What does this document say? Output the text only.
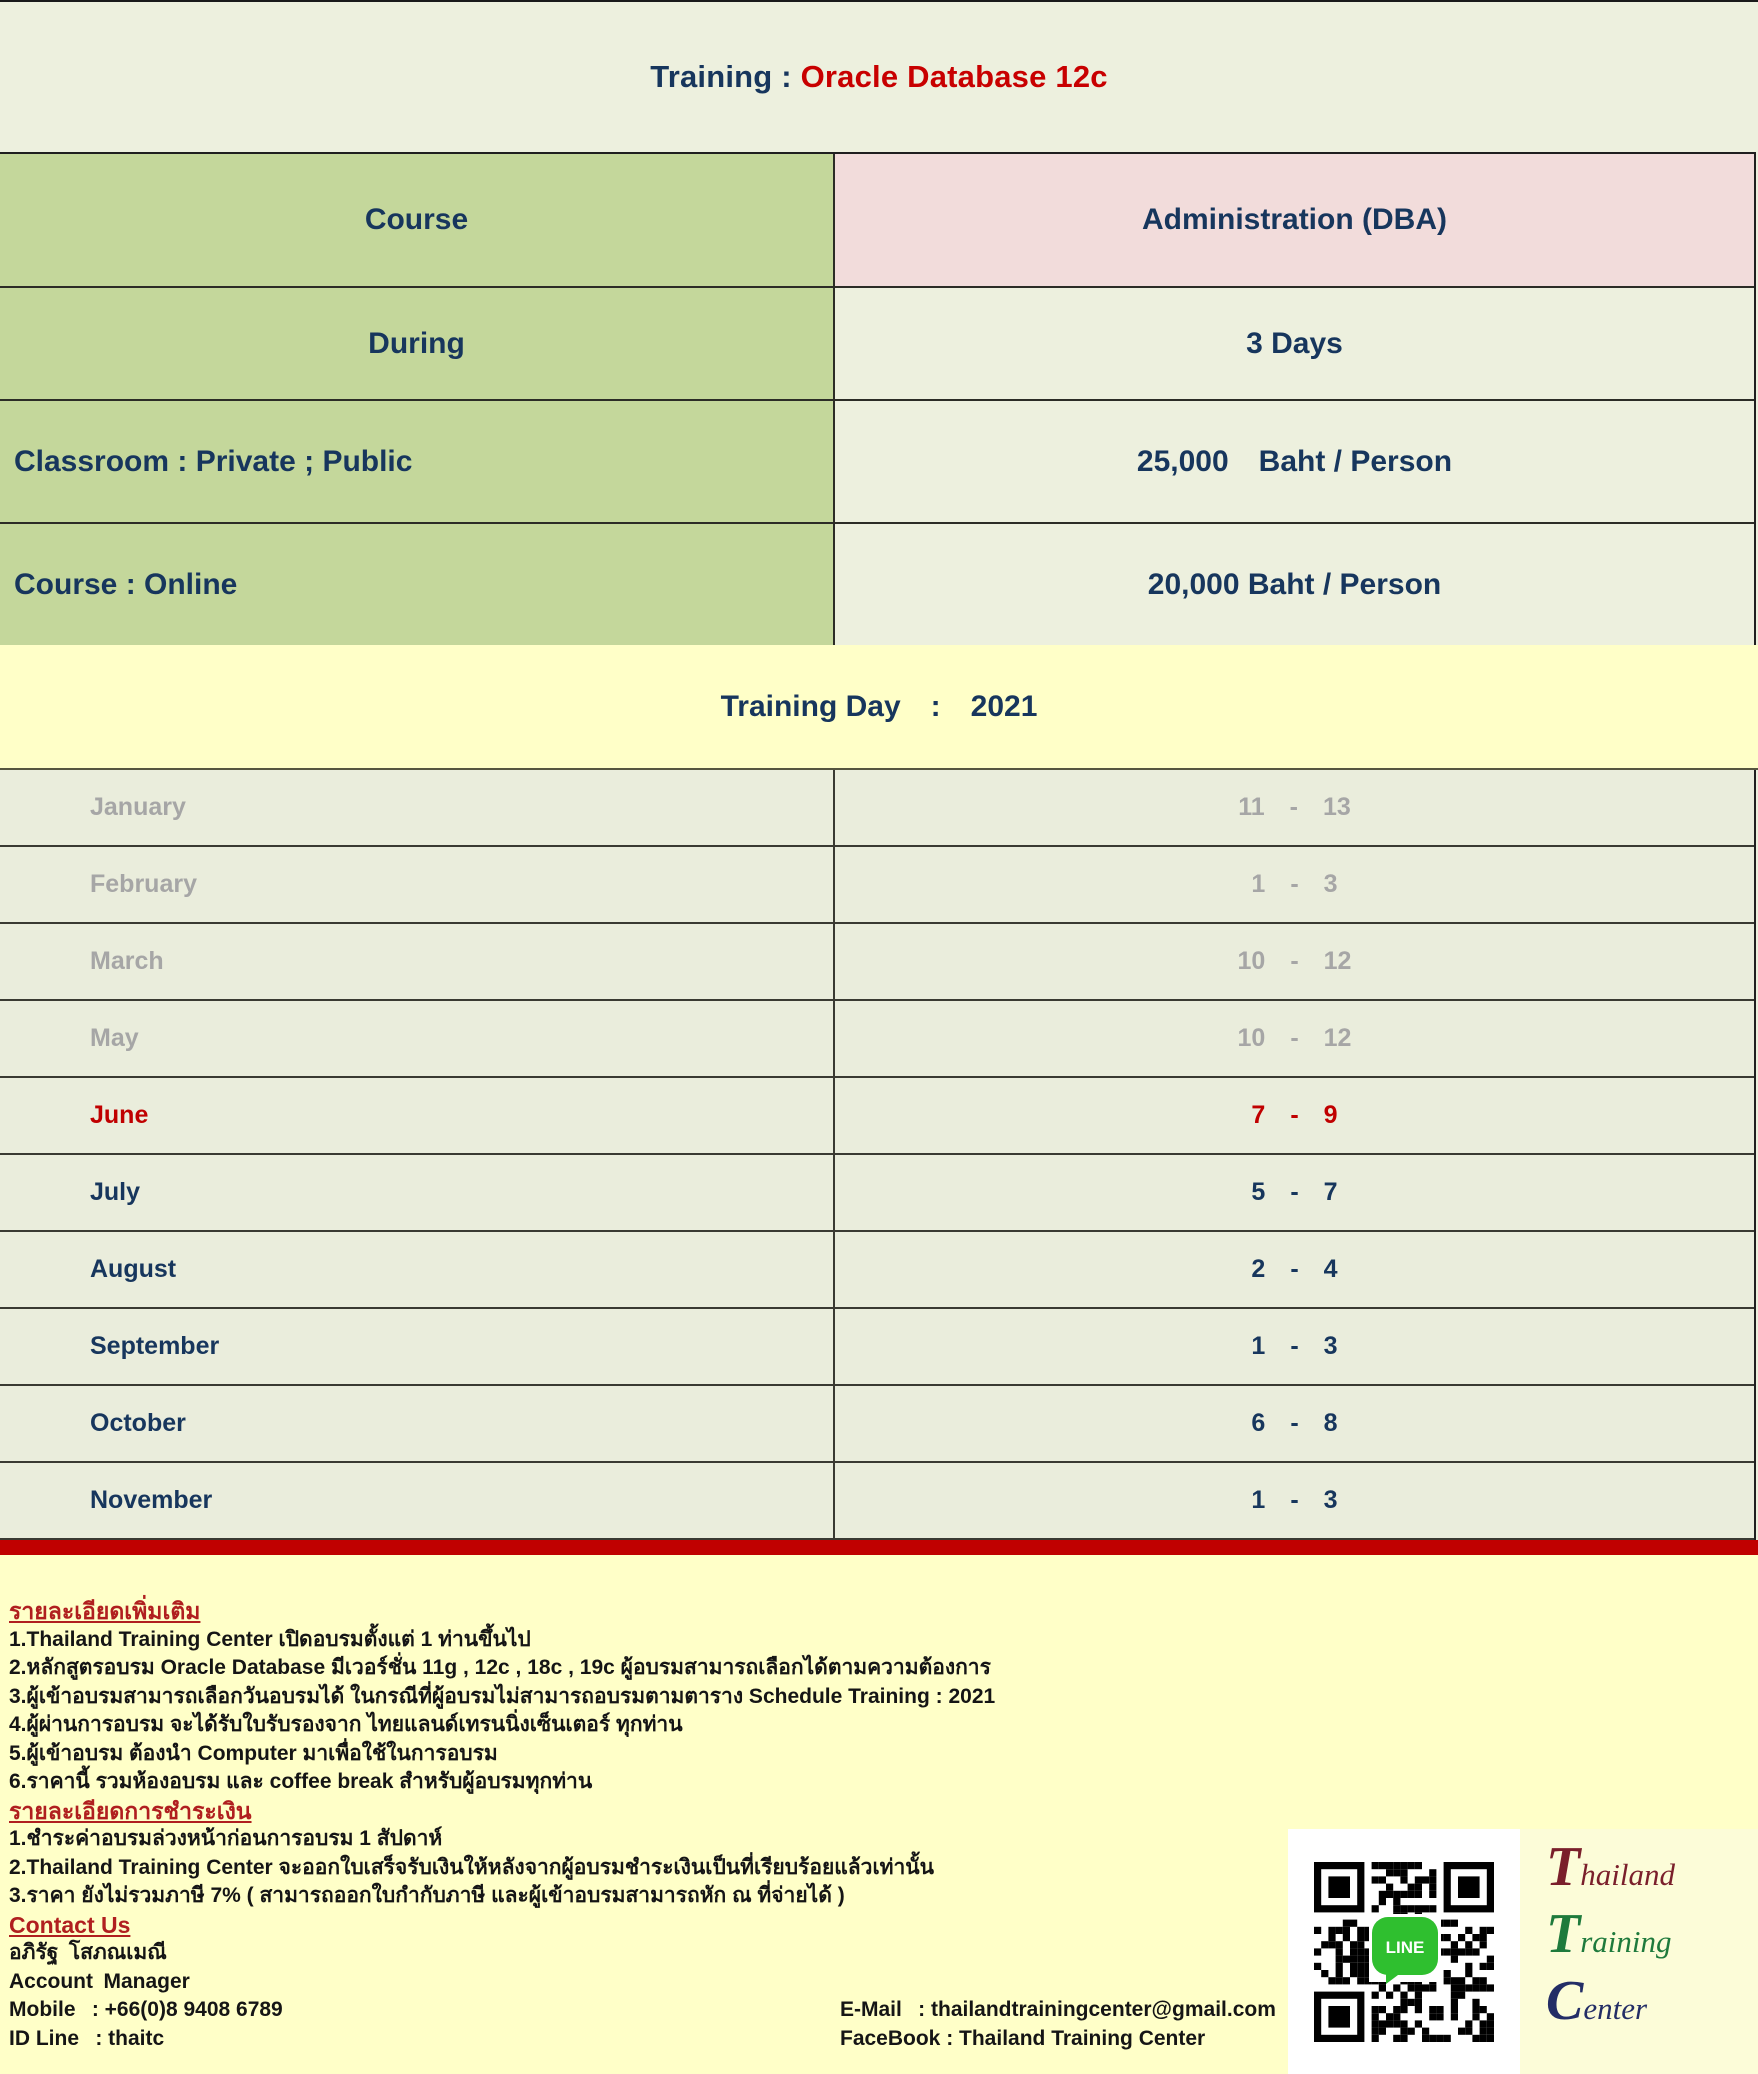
Training : Oracle Database 12c
Course	Administration (DBA)
During	3 Days
Classroom : Private ; Public	25,000  Baht / Person
Course : Online	20,000 Baht / Person
Training Day  :  2021
January	11  -  13
February	1  -  3
March	10  -  12
May	10  -  12
June	7  -  9
July	5  -  7
August	2  -  4
September	1  -  3
October	6  -  8
November	1  -  3
รายละเอียดเพิ่มเติม
1.Thailand Training Center เปิดอบรมตั้งแต่ 1 ท่านขึ้นไป
2.หลักสูตรอบรม Oracle Database มีเวอร์ชั่น 11g , 12c , 18c , 19c ผู้อบรมสามารถเลือกได้ตามความต้องการ
3.ผู้เข้าอบรมสามารถเลือกวันอบรมได้ ในกรณีที่ผู้อบรมไม่สามารถอบรมตามตาราง Schedule Training : 2021
4.ผู้ผ่านการอบรม จะได้รับใบรับรองจาก ไทยแลนด์เทรนนิ่งเซ็นเตอร์ ทุกท่าน
5.ผู้เข้าอบรม ต้องนำ Computer มาเพื่อใช้ในการอบรม
6.ราคานี้ รวมห้องอบรม และ coffee break สำหรับผู้อบรมทุกท่าน
รายละเอียดการชำระเงิน
1.ชำระค่าอบรมล่วงหน้าก่อนการอบรม 1 สัปดาห์
2.Thailand Training Center จะออกใบเสร็จรับเงินให้หลังจากผู้อบรมชำระเงินเป็นที่เรียบร้อยแล้วเท่านั้น
3.ราคา ยังไม่รวมภาษี 7% ( สามารถออกใบกำกับภาษี และผู้เข้าอบรมสามารถหัก ณ ที่จ่ายได้ )
Contact Us
อภิรัฐ โสภณเมณี
Account Manager
Mobile  : +66(0)8 9408 6789
ID Line  : thaitc
E-Mail  : thailandtrainingcenter@gmail.com
FaceBook : Thailand Training Center
LINE
Thailand
Training
Center
